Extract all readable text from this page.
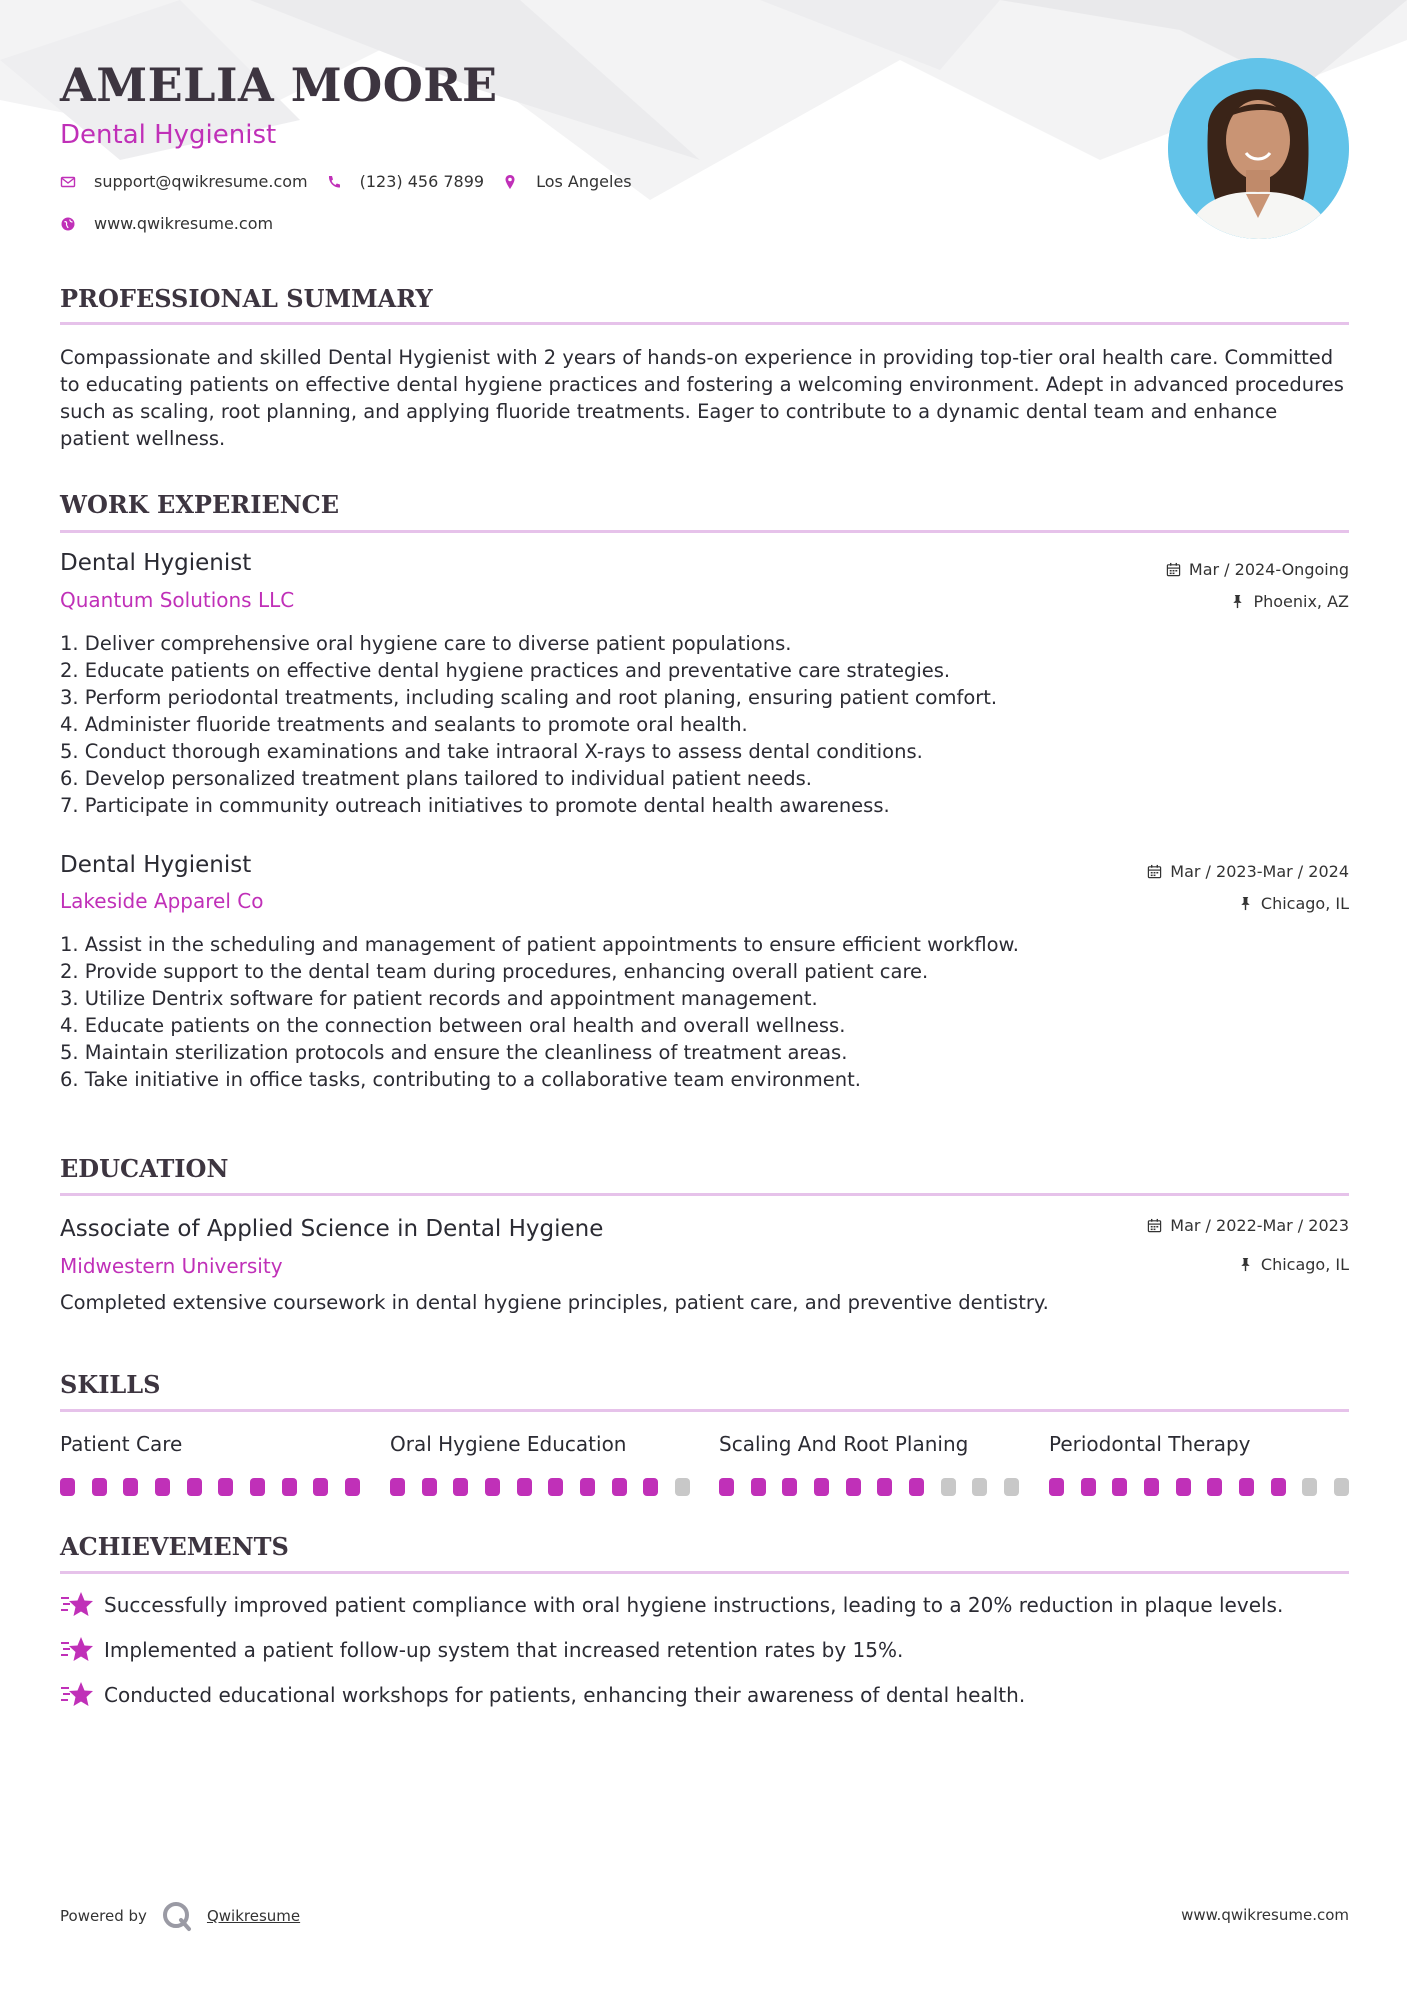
AMELIA MOORE
Dental Hygienist
support@qwikresume.com	(123) 456 7899	Los Angeles
www.qwikresume.com
PROFESSIONAL SUMMARY

Compassionate and skilled Dental Hygienist with 2 years of hands-on experience in providing top-tier oral health care. Committed to educating patients on effective dental hygiene practices and fostering a welcoming environment. Adept in advanced procedures such as scaling, root planning, and applying fluoride treatments. Eager to contribute to a dynamic dental team and enhance patient wellness.

WORK EXPERIENCE
Dental Hygienist
Quantum Solutions LLC
Mar / 2024-Ongoing
Phoenix, AZ
1. Deliver comprehensive oral hygiene care to diverse patient populations.
2. Educate patients on effective dental hygiene practices and preventative care strategies.
3. Perform periodontal treatments, including scaling and root planing, ensuring patient comfort.
4. Administer fluoride treatments and sealants to promote oral health.
5. Conduct thorough examinations and take intraoral X-rays to assess dental conditions.
6. Develop personalized treatment plans tailored to individual patient needs.
7. Participate in community outreach initiatives to promote dental health awareness.
Dental Hygienist
Lakeside Apparel Co
Mar / 2023-Mar / 2024
Chicago, IL
1. Assist in the scheduling and management of patient appointments to ensure efficient workflow.
2. Provide support to the dental team during procedures, enhancing overall patient care.
3. Utilize Dentrix software for patient records and appointment management.
4. Educate patients on the connection between oral health and overall wellness.
5. Maintain sterilization protocols and ensure the cleanliness of treatment areas.
6. Take initiative in office tasks, contributing to a collaborative team environment.
EDUCATION
Associate of Applied Science in Dental Hygiene
Midwestern University
Mar / 2022-Mar / 2023
Chicago, IL

Completed extensive coursework in dental hygiene principles, patient care, and preventive dentistry.

SKILLS
Patient Care	Oral Hygiene Education	Scaling And Root Planing	Periodontal Therapy
ACHIEVEMENTS
Successfully improved patient compliance with oral hygiene instructions, leading to a 20% reduction in plaque levels.
Implemented a patient follow-up system that increased retention rates by 15%.
Conducted educational workshops for patients, enhancing their awareness of dental health.
Powered by	Qwikresume	www.qwikresume.com
